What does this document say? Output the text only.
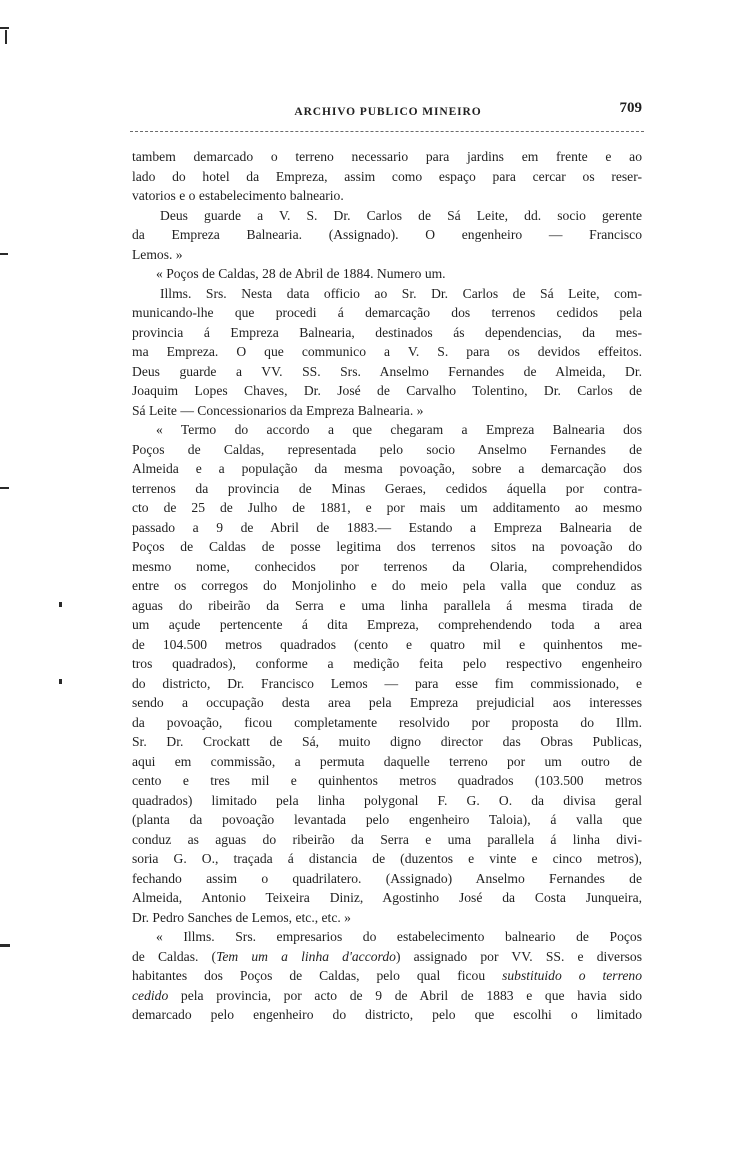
ARCHIVO PUBLICO MINEIRO	709
tambem demarcado o terreno necessario para jardins em frente e ao
lado do hotel da Empreza, assim como espaço para cercar os reser-
vatorios e o estabelecimento balneario.
Deus guarde a V. S. Dr. Carlos de Sá Leite, dd. socio gerente
da Empreza Balnearia. (Assignado). O engenheiro — Francisco
Lemos. »
« Poços de Caldas, 28 de Abril de 1884. Numero um.
Illms. Srs. Nesta data officio ao Sr. Dr. Carlos de Sá Leite, com-
municando-lhe que procedi á demarcação dos terrenos cedidos pela
provincia á Empreza Balnearia, destinados ás dependencias, da mes-
ma Empreza. O que communico a V. S. para os devidos effeitos.
Deus guarde a VV. SS. Srs. Anselmo Fernandes de Almeida, Dr.
Joaquim Lopes Chaves, Dr. José de Carvalho Tolentino, Dr. Carlos de
Sá Leite — Concessionarios da Empreza Balnearia. »
« Termo do accordo a que chegaram a Empreza Balnearia dos
Poços de Caldas, representada pelo socio Anselmo Fernandes de
Almeida e a população da mesma povoação, sobre a demarcação dos
terrenos da provincia de Minas Geraes, cedidos áquella por contra-
cto de 25 de Julho de 1881, e por mais um additamento ao mesmo
passado a 9 de Abril de 1883.— Estando a Empreza Balnearia de
Poços de Caldas de posse legitima dos terrenos sitos na povoação do
mesmo nome, conhecidos por terrenos da Olaria, comprehendidos
entre os corregos do Monjolinho e do meio pela valla que conduz as
aguas do ribeirão da Serra e uma linha parallela á mesma tirada de
um açude pertencente á dita Empreza, comprehendendo toda a area
de 104.500 metros quadrados (cento e quatro mil e quinhentos me-
tros quadrados), conforme a medição feita pelo respectivo engenheiro
do districto, Dr. Francisco Lemos — para esse fim commissionado, e
sendo a occupação desta area pela Empreza prejudicial aos interesses
da povoação, ficou completamente resolvido por proposta do Illm.
Sr. Dr. Crockatt de Sá, muito digno director das Obras Publicas,
aqui em commissão, a permuta daquelle terreno por um outro de
cento e tres mil e quinhentos metros quadrados (103.500 metros
quadrados) limitado pela linha polygonal F. G. O. da divisa geral
(planta da povoação levantada pelo engenheiro Taloia), á valla que
conduz as aguas do ribeirão da Serra e uma parallela á linha divi-
soria G. O., traçada á distancia de (duzentos e vinte e cinco metros),
fechando assim o quadrilatero. (Assignado) Anselmo Fernandes de
Almeida, Antonio Teixeira Diniz, Agostinho José da Costa Junqueira,
Dr. Pedro Sanches de Lemos, etc., etc. »
« Illms. Srs. empresarios do estabelecimento balneario de Poços
de Caldas. (Tem um a linha d'accordo) assignado por VV. SS. e diversos
habitantes dos Poços de Caldas, pelo qual ficou substituido o terreno
cedido pela provincia, por acto de 9 de Abril de 1883 e que havia sido
demarcado pelo engenheiro do districto, pelo que escolhi o limitado
